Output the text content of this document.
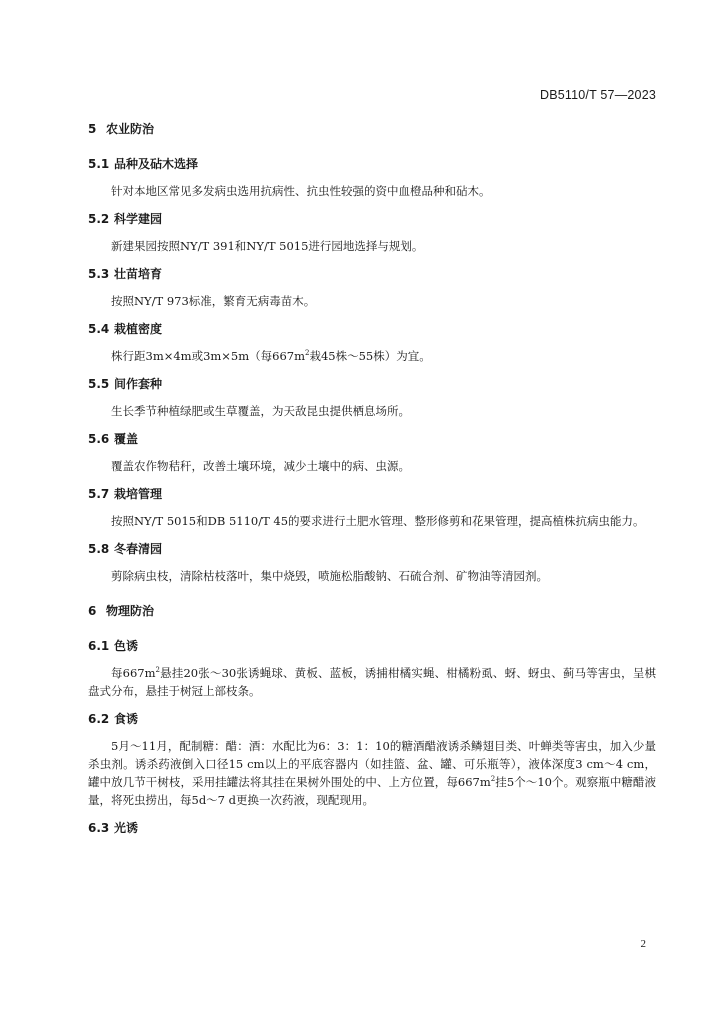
DB5110/T 57—2023
5 农业防治
5.1 品种及砧木选择
针对本地区常见多发病虫选用抗病性、抗虫性较强的资中血橙品种和砧木。
5.2 科学建园
新建果园按照NY/T 391和NY/T 5015进行园地选择与规划。
5.3 壮苗培育
按照NY/T 973标准，繁育无病毒苗木。
5.4 栽植密度
株行距3m×4m或3m×5m（每$667m^2$栽45株～55株）为宜。
5.5 间作套种
生长季节种植绿肥或生草覆盖，为天敌昆虫提供栖息场所。
5.6 覆盖
覆盖农作物秸秆，改善土壤环境，减少土壤中的病、虫源。
5.7 栽培管理
按照NY/T 5015和DB 5110/T 45的要求进行土肥水管理、整形修剪和花果管理，提高植株抗病虫能力。
5.8 冬春清园
剪除病虫枝，清除枯枝落叶，集中烧毁，喷施松脂酸钠、石硫合剂、矿物油等清园剂。
6 物理防治
6.1 色诱
每$667m^2$悬挂20张～30张诱蝇球、黄板、蓝板，诱捕柑橘实蝇、柑橘粉虱、蚜、蚜虫、蓟马等害虫，呈棋盘式分布，悬挂于树冠上部枝条。
6.2 食诱
5月～11月，配制糖：醋：酒：水配比为6：3：1：10的糖酒醋液诱杀鳞翅目类、叶蝉类等害虫，加入少量杀虫剂。诱杀药液倒入口径15 cm以上的平底容器内（如挂篮、盆、罐、可乐瓶等），液体深度3 cm～4 cm，罐中放几节干树枝，采用挂罐法将其挂在果树外围处的中、上方位置，每$667m^2$挂5个～10个。观察瓶中糖醋液量，将死虫捞出，每5d～7 d更换一次药液，现配现用。
6.3 光诱
2
